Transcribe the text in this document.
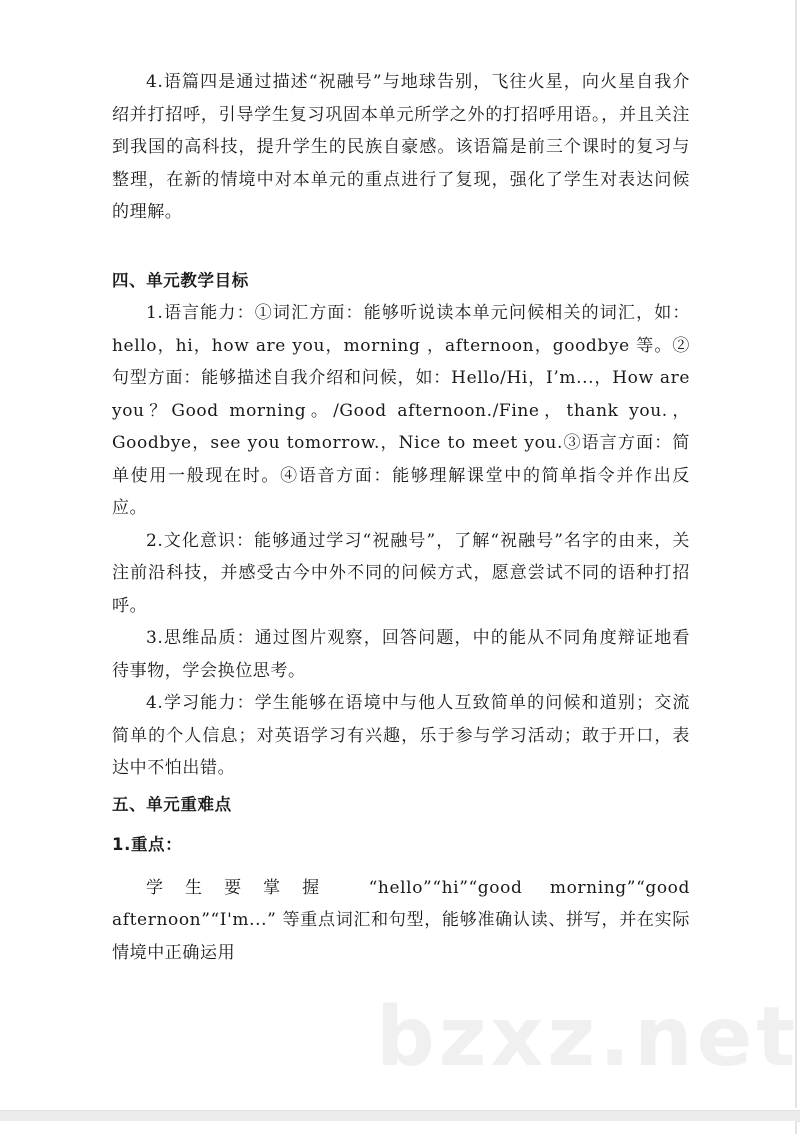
4.语篇四是通过描述“祝融号”与地球告别，飞往火星，向火星自我介绍并打招呼，引导学生复习巩固本单元所学之外的打招呼用语。，并且关注到我国的高科技，提升学生的民族自豪感。该语篇是前三个课时的复习与整理，在新的情境中对本单元的重点进行了复现，强化了学生对表达问候的理解。

四、单元教学目标

1.语言能力：①词汇方面：能够听说读本单元问候相关的词汇，如：hello，hi，how are you，morning ，afternoon，goodbye 等。②句型方面：能够描述自我介绍和问候，如：Hello/Hi，I’m...，How are you？Good morning。/Good afternoon./Fine，thank you.，Goodbye，see you tomorrow.，Nice to meet you.③语言方面：简单使用一般现在时。④语音方面：能够理解课堂中的简单指令并作出反应。

2.文化意识：能够通过学习“祝融号”，了解“祝融号”名字的由来，关注前沿科技，并感受古今中外不同的问候方式，愿意尝试不同的语种打招呼。

3.思维品质：通过图片观察，回答问题，中的能从不同角度辩证地看待事物，学会换位思考。

4.学习能力：学生能够在语境中与他人互致简单的问候和道别；交流简单的个人信息；对英语学习有兴趣，乐于参与学习活动；敢于开口，表达中不怕出错。

五、单元重难点

1.重点：

学生要掌握 “hello”“hi”“good morning”“good afternoon”“I'm...” 等重点词汇和句型，能够准确认读、拼写，并在实际情境中正确运用

bzxz.net
